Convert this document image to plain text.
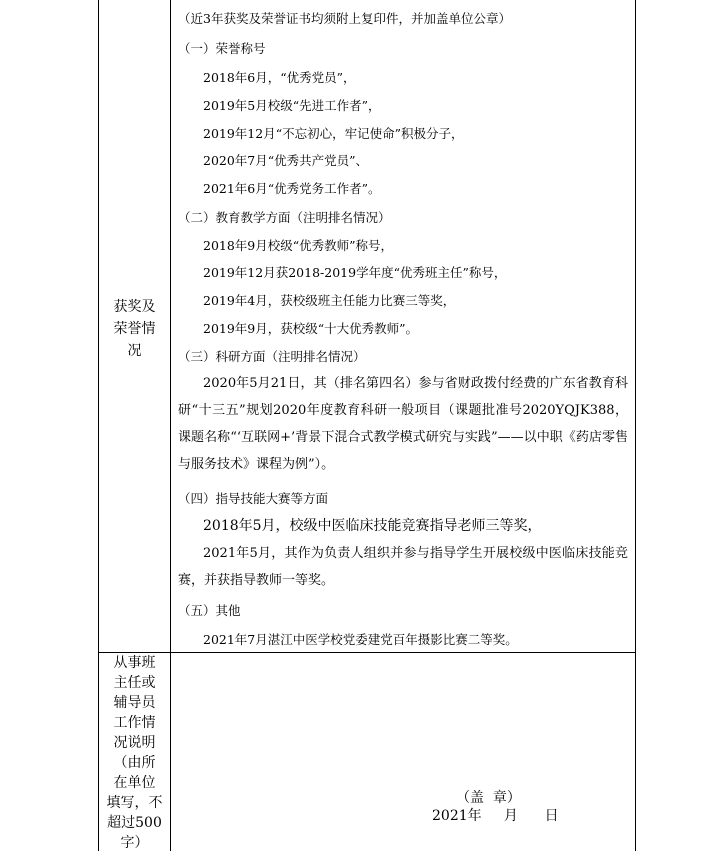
获奖及
荣誉情
况
（近3年获奖及荣誉证书均须附上复印件，并加盖单位公章）
（一）荣誉称号
2018年6月，“优秀党员”，
2019年5月校级“先进工作者”，
2019年12月“不忘初心，牢记使命”积极分子，
2020年7月“优秀共产党员”、
2021年6月“优秀党务工作者”。
（二）教育教学方面（注明排名情况）
2018年9月校级“优秀教师”称号，
2019年12月获2018-2019学年度“优秀班主任”称号，
2019年4月，获校级班主任能力比赛三等奖，
2019年9月，获校级“十大优秀教师”。
（三）科研方面（注明排名情况）
2020年5月21日，其（排名第四名）参与省财政拨付经费的广东省教育科研“十三五”规划2020年度教育科研一般项目（课题批准号2020YQJK388，课题名称“‘互联网+’背景下混合式教学模式研究与实践”——以中职《药店零售与服务技术》课程为例”）。
（四）指导技能大赛等方面
2018年5月，校级中医临床技能竞赛指导老师三等奖，
2021年5月，其作为负责人组织并参与指导学生开展校级中医临床技能竞赛，并获指导教师一等奖。
（五）其他
2021年7月湛江中医学校党委建党百年摄影比赛二等奖。
从事班
主任或
辅导员
工作情
况说明
（由所
在单位
填写，不
超过500
字）
（盖  章）
2021年     月      日
